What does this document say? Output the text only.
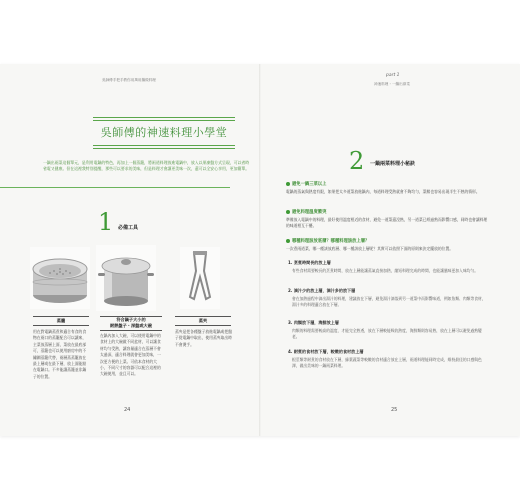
吳師傅手把手教你用萬用鍋做料理
吳師傅的神速料理小學堂
一鍋出兩菜這個單元，是利用電鍋的特色，再加上一個蒸籠，將兩道料理放進電鍋中，放入以果凍盤方式呈現，可以省時省電又健康。但在這裡我特別提醒，那些可以要求的美味，但是料理才會讓更美味一次，還可以全安心享用，更加簡單。
1 必備工具
蒸籠	符合鍋子大小的
耐熱盤子・深盤或大碗
蒸夾
用在對電鍋蒸煮和適合有食的食物在兩口的蒸籠配合可以讓來，主菜放蒸層上面，菜放在最底部可，蒸籠也可以使用廚房中的不鏽鋼蒸籠代替，兩層蒸蒸籠放在最上層或在最下層，放上面能點在電鍋口。不多能讓蒸籠並非鍋子的位置。
在鍋內加入大碗，可以使用電鍋中的食材上的大碗做不同盆材，可以讓食材均勻受熱，讓容量適合在蒸層不會太過深，適合料理就會更加美味，一次更方便的上菜。可依本食材的大小，不同尺寸的容器可以配合這裡的大碗使用，並且可以。
蒸夾是把各種盤子放進電鍋或把盤子從電鍋中取出，使用蒸夾取出時不會燙手。
24
part 1
神速料理・一鍋出兩菜
2 一鍋兩菜料理小秘訣
避免一鍋三菜以上
電鍋的蒸氣與熱度有限，如果把太多道菜放進鍋內，每道料理受熱就會不夠均勻，菜餚也容易出現半生不熟的情形。
避免料理溫度衝突
準備放入電鍋中的料理，最好使用溫度相近的食材，避免一道菜還沒熟，另一道菜已經過熟而影響口感，同時也會讓料理的味道相互干擾。
哪種料理該放底層？哪種料理該放上層？
一次煮兩道菜，哪一種該放底層、哪一種該放上層呢？其實可以依照下面的原則來決定擺放的位置。
1. 烹煮時間長的放上層
有些食材需要較長的烹煮時間，放在上層能讓蒸氣直接加熱，縮短料理完成的時間，也能讓風味更加入味均勻。
2. 滴汁少的放上層，滴汁多的放下層
會在加熱過程中滴出湯汁的料理，建議放在下層，避免湯汁滴落到另一道菜中而影響味道，例如魚類、肉類等食材，湯汁多的料理適合放在下層。
3. 肉類放下層，海鮮放上層
肉類的料理需要較高的溫度，才能完全熟透，放在下層較能吸收熱度，海鮮類則容易熟，放在上層可以避免過熟變老。
4. 耐煮的食材放下層，較嫩的食材放上層
根莖類等耐煮的食材放在下層，綠葉蔬菜等較嫩的食材適合放在上層，兩道料理能同時完成，維持最佳的口感與色澤，做出美味的一鍋兩菜料理。
25
